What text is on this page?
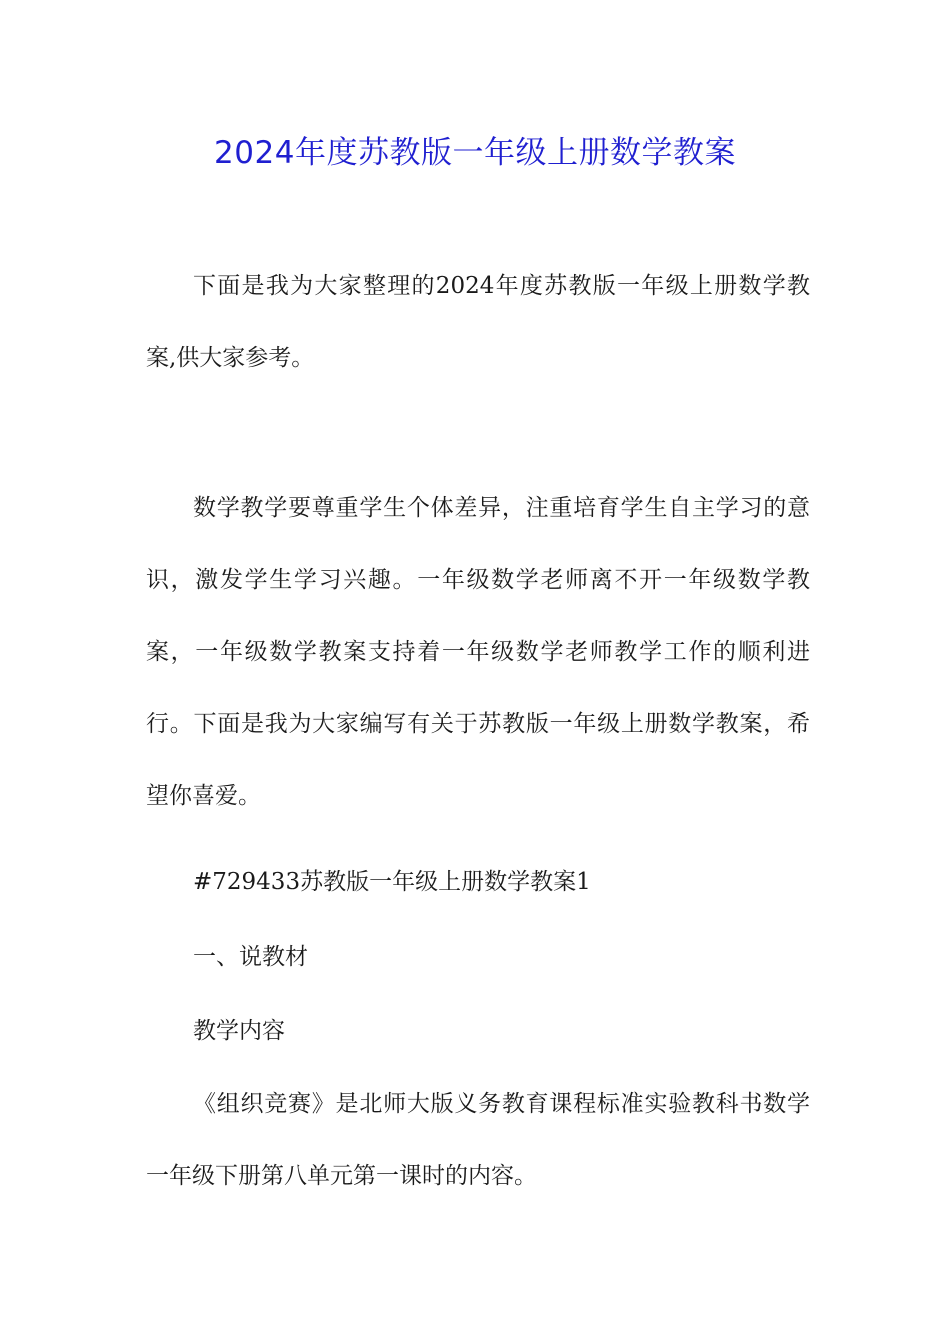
2024年度苏教版一年级上册数学教案

下面是我为大家整理的2024年度苏教版一年级上册数学教案,供大家参考。

数学教学要尊重学生个体差异，注重培育学生自主学习的意识，激发学生学习兴趣。一年级数学老师离不开一年级数学教案，一年级数学教案支持着一年级数学老师教学工作的顺利进行。下面是我为大家编写有关于苏教版一年级上册数学教案，希望你喜爱。

#729433苏教版一年级上册数学教案1

一、说教材

教学内容

《组织竞赛》是北师大版义务教育课程标准实验教科书数学一年级下册第八单元第一课时的内容。
